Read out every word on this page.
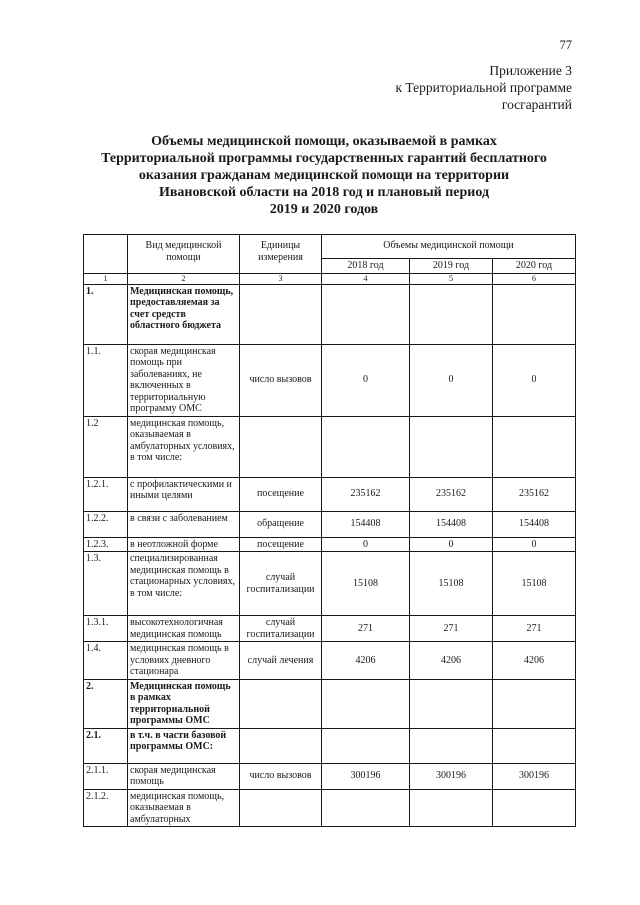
77
Приложение 3
к Территориальной программе
госгарантий
Объемы медицинской помощи, оказываемой в рамках
Территориальной программы государственных гарантий бесплатного
оказания гражданам медицинской помощи на территории
Ивановской области на 2018 год и плановый период
2019 и 2020 годов
	Вид медицинской помощи	Единицы измерения	Объемы медицинской помощи		
			2018 год	2019 год	2020 год
1	2	3	4	5	6
1.	Медицинская помощь, предоставляемая за счет средств областного бюджета				
1.1.	скорая медицинская помощь при заболеваниях, не включенных в территориальную программу ОМС	число вызовов	0	0	0
1.2	медицинская помощь, оказываемая в амбулаторных условиях, в том числе:				
1.2.1.	с профилактическими и иными целями	посещение	235162	235162	235162
1.2.2.	в связи с заболеванием	обращение	154408	154408	154408
1.2.3.	в неотложной форме	посещение	0	0	0
1.3.	специализированная медицинская помощь в стационарных условиях, в том числе:	случай госпитализации	15108	15108	15108
1.3.1.	высокотехнологичная медицинская помощь	случай госпитализации	271	271	271
1.4.	медицинская помощь в условиях дневного стационара	случай лечения	4206	4206	4206
2.	Медицинская помощь в рамках территориальной программы ОМС				
2.1.	в т.ч. в части базовой программы ОМС:				
2.1.1.	скорая медицинская помощь	число вызовов	300196	300196	300196
2.1.2.	медицинская помощь, оказываемая в амбулаторных				
